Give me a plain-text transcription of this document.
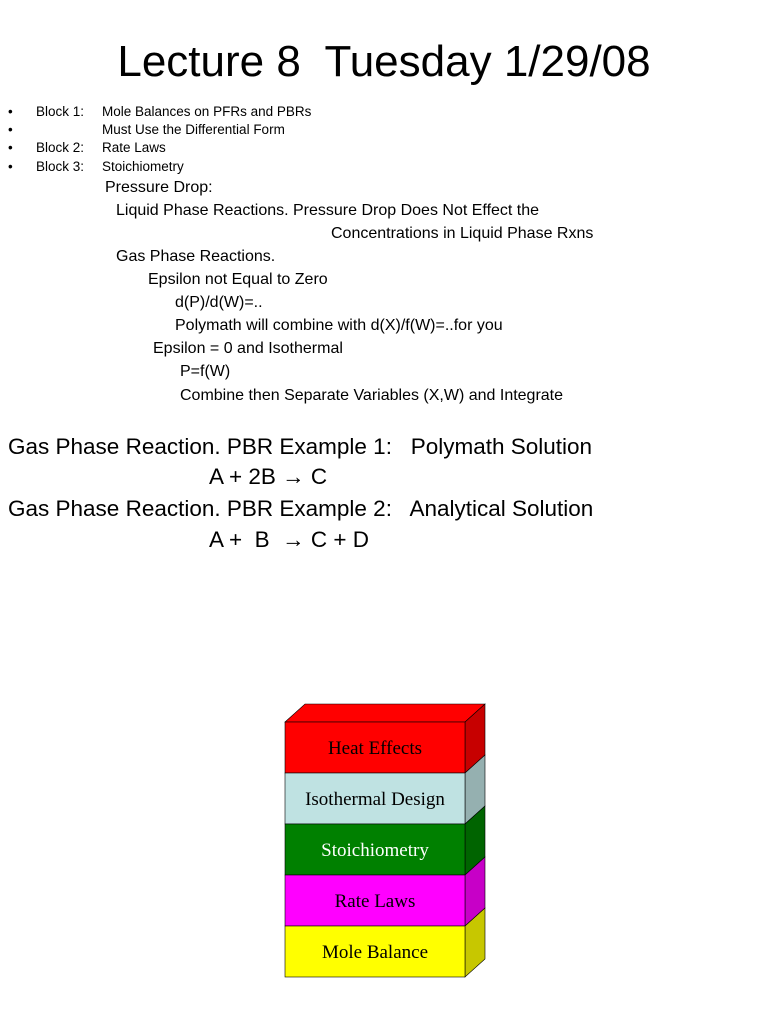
Lecture 8  Tuesday 1/29/08

•

Block 1:

Mole Balances on PFRs and PBRs

•

	Must Use the Differential Form

•

Block 2:

Rate Laws

•

Block 3:

Stoichiometry

Pressure Drop:
Liquid Phase Reactions. Pressure Drop Does Not Effect the
Concentrations in Liquid Phase Rxns
Gas Phase Reactions.
Epsilon not Equal to Zero
d(P)/d(W)=..
Polymath will combine with d(X)/f(W)=..for you
Epsilon = 0 and Isothermal
P=f(W)
Combine then Separate Variables (X,W) and Integrate
Gas Phase Reaction. PBR Example 1:   Polymath Solution
A + 2B → C
Gas Phase Reaction. PBR Example 2:   Analytical Solution
A +  B  → C + D
Heat Effects
Isothermal Design
Stoichiometry
Rate Laws
Mole Balance
